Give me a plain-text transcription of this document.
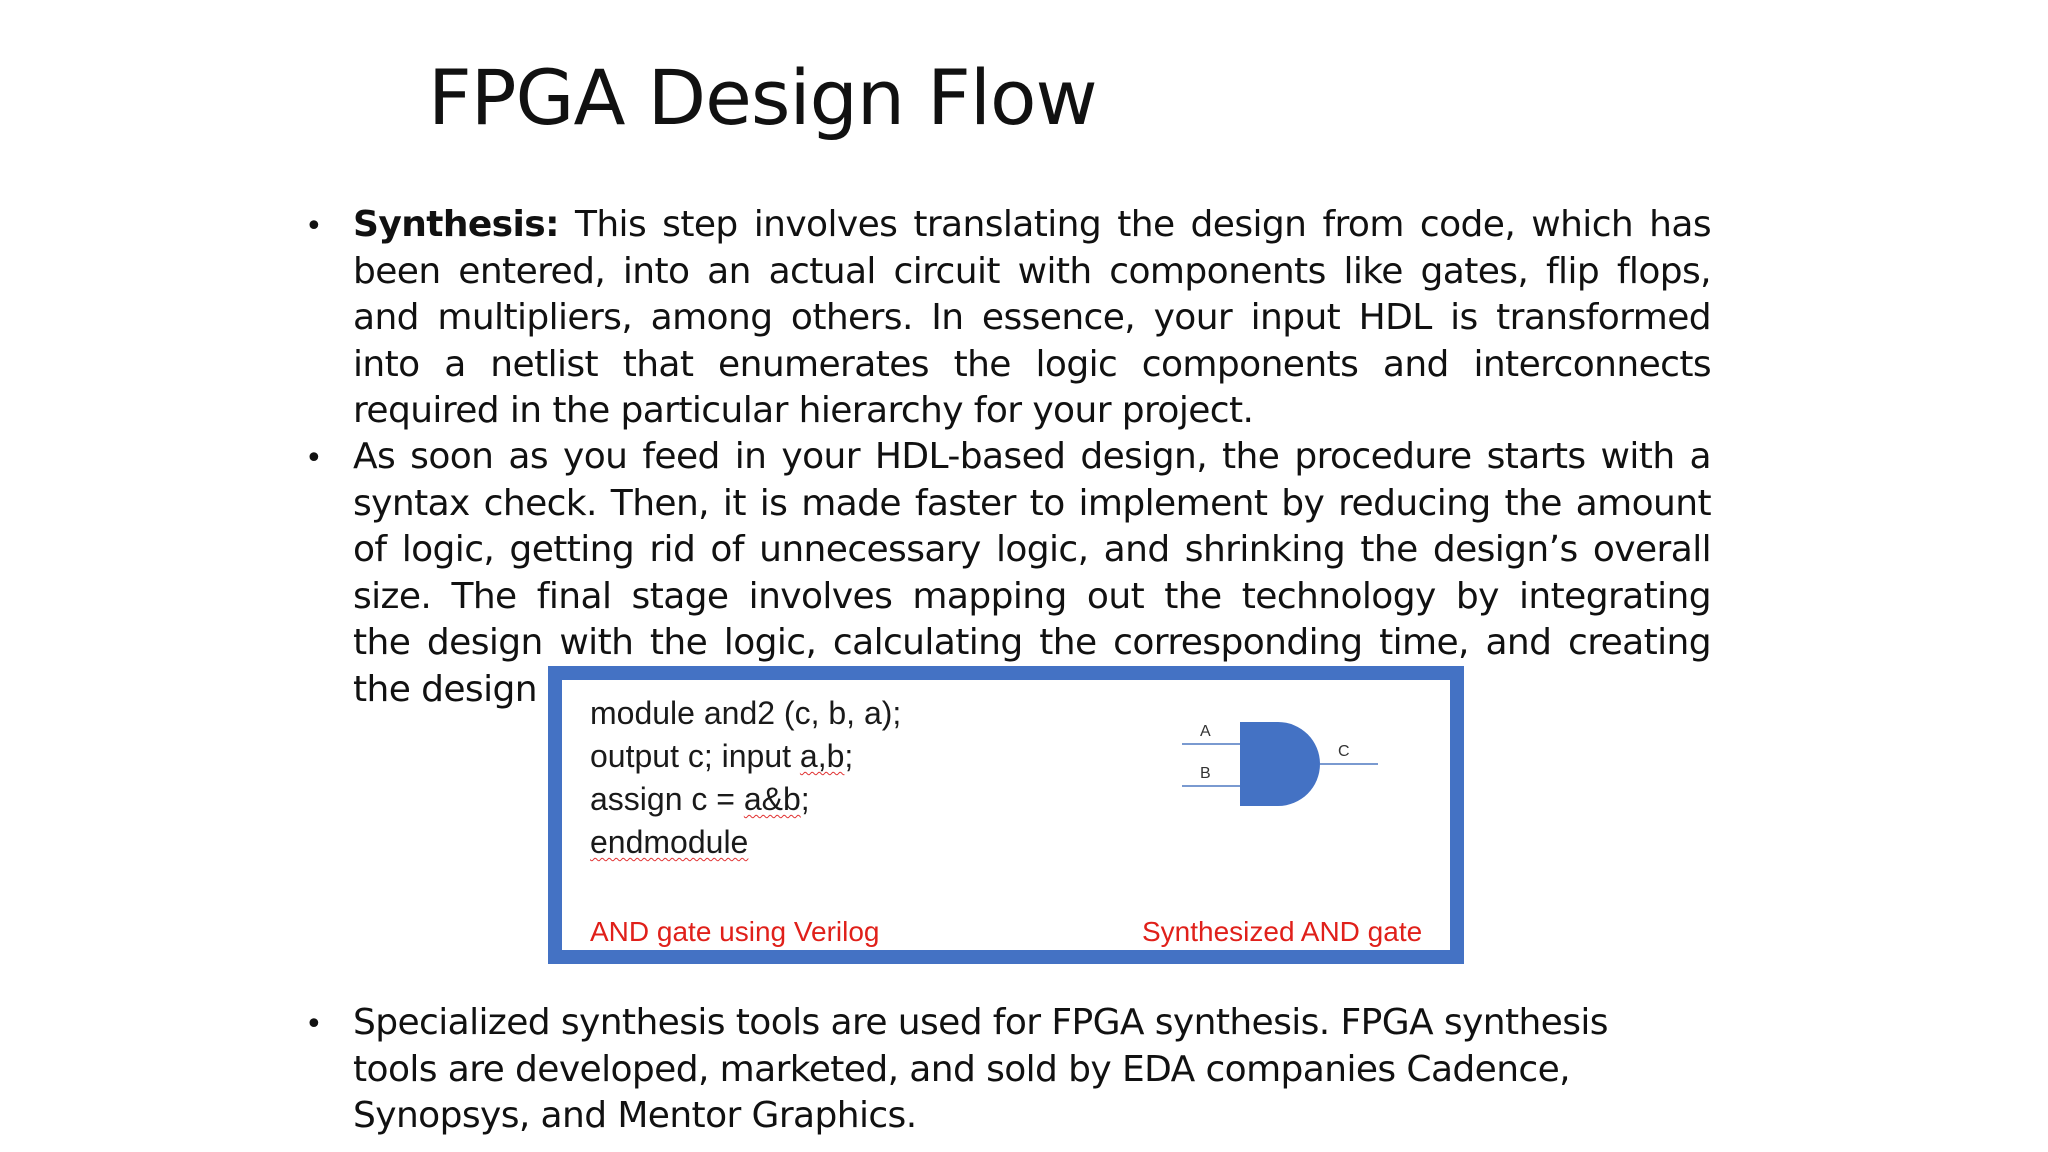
FPGA Design Flow
• Synthesis: This step involves translating the design from code, which has
been entered, into an actual circuit with components like gates, flip flops,
and multipliers, among others. In essence, your input HDL is transformed
into a netlist that enumerates the logic components and interconnects
required in the particular hierarchy for your project.
• As soon as you feed in your HDL-based design, the procedure starts with a
syntax check. Then, it is made faster to implement by reducing the amount
of logic, getting rid of unnecessary logic, and shrinking the design’s overall
size. The final stage involves mapping out the technology by integrating
the design with the logic, calculating the corresponding time, and creating
the design
module and2 (c, b, a);
output c; input a,b;
assign c = a&b;
endmodule
A
B
C
AND gate using Verilog	Synthesized AND gate
• Specialized synthesis tools are used for FPGA synthesis. FPGA synthesis
tools are developed, marketed, and sold by EDA companies Cadence,
Synopsys, and Mentor Graphics.
